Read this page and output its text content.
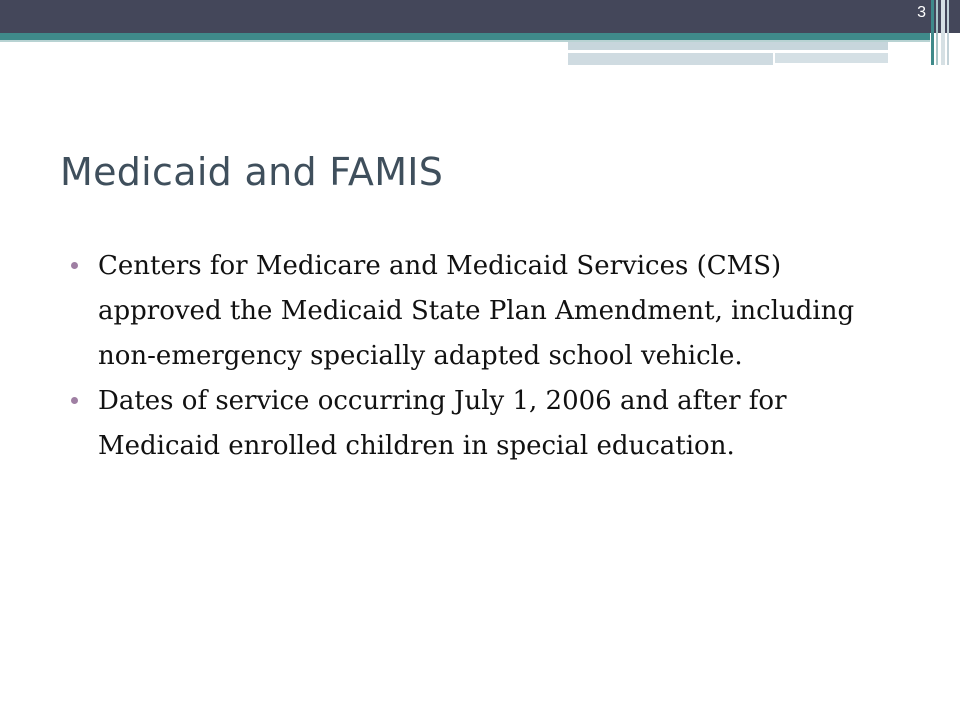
3
Medicaid and FAMIS
Centers for Medicare and Medicaid Services (CMS) approved the Medicaid State Plan Amendment, including non-emergency specially adapted school vehicle.
Dates of service occurring July 1, 2006 and after for Medicaid enrolled children in special education.
